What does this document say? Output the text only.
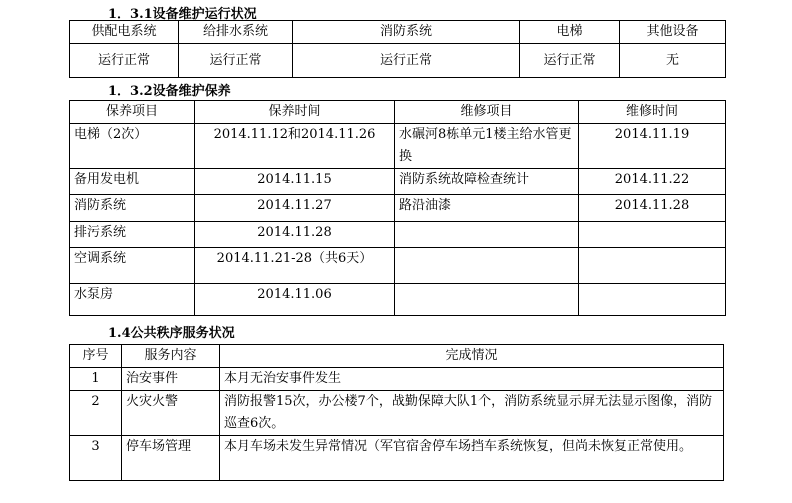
1．3.1设备维护运行状况
供配电系统	给排水系统	消防系统	电梯	其他设备
运行正常	运行正常	运行正常	运行正常	无
1．3.2设备维护保养
保养项目	保养时间	维修项目	维修时间
电梯（2次）	2014.11.12和2014.11.26	水碾河8栋单元1楼主给水管更换	2014.11.19
备用发电机	2014.11.15	消防系统故障检查统计	2014.11.22
消防系统	2014.11.27	路沿油漆	2014.11.28
排污系统	2014.11.28		
空调系统	2014.11.21-28（共6天）		
水泵房	2014.11.06		
1.4公共秩序服务状况
序号	服务内容	完成情况
1	治安事件	本月无治安事件发生
2	火灾火警	消防报警15次，办公楼7个，战勤保障大队1个，消防系统显示屏无法显示图像，消防巡查6次。
3	停车场管理	本月车场未发生异常情况（军官宿舍停车场挡车系统恢复，但尚未恢复正常使用。
